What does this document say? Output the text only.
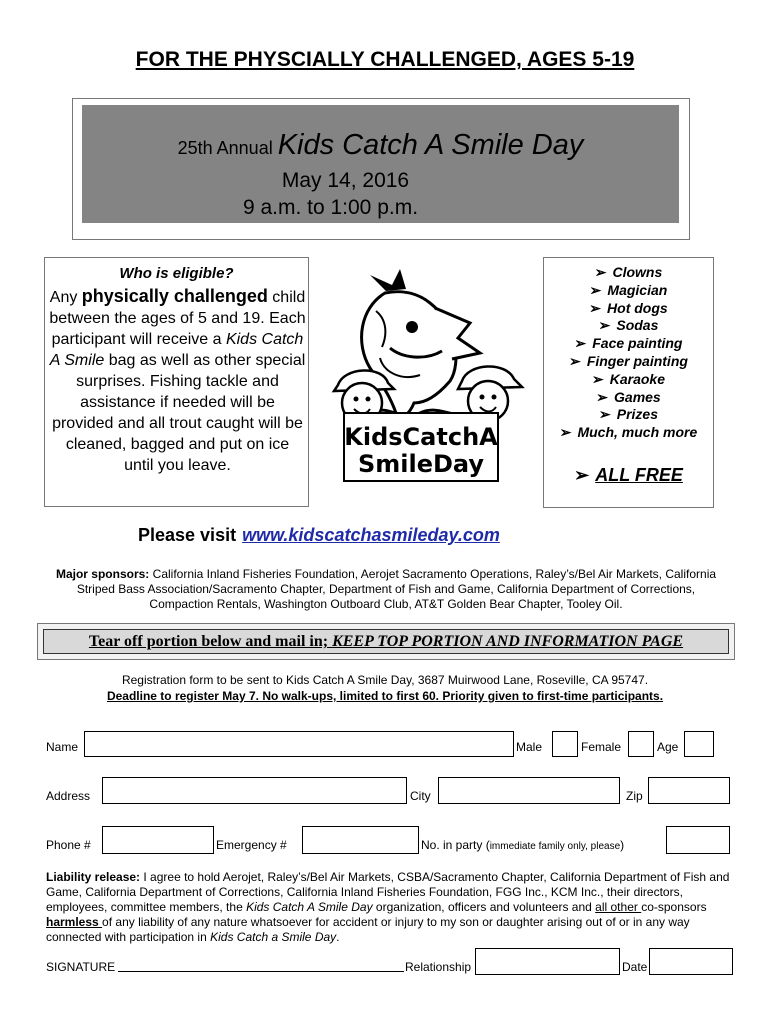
FOR THE PHYSCIALLY CHALLENGED, AGES 5-19
25th Annual Kids Catch A Smile Day
May 14, 2016
9 a.m. to 1:00 p.m.
Who is eligible?
Any physically challenged child between the ages of 5 and 19. Each participant will receive a Kids Catch A Smile bag as well as other special surprises. Fishing tackle and assistance if needed will be provided and all trout caught will be cleaned, bagged and put on ice until you leave.
KidsCatchA
SmileDay
➢ Clowns
➢ Magician
➢ Hot dogs
➢ Sodas
➢ Face painting
➢ Finger painting
➢ Karaoke
➢ Games
➢ Prizes
➢ Much, much more
➢ ALL FREE
Please visit www.kidscatchasmileday.com
Major sponsors: California Inland Fisheries Foundation, Aerojet Sacramento Operations, Raley’s/Bel Air Markets, California Striped Bass Association/Sacramento Chapter, Department of Fish and Game, California Department of Corrections, Compaction Rentals, Washington Outboard Club, AT&T Golden Bear Chapter, Tooley Oil.
Tear off portion below and mail in; KEEP TOP PORTION AND INFORMATION PAGE
Registration form to be sent to Kids Catch A Smile Day, 3687 Muirwood Lane, Roseville, CA 95747.
Deadline to register May 7. No walk-ups, limited to first 60. Priority given to first-time participants.
Name	Male	Female	Age
Address	City	Zip
Phone #	Emergency #	No. in party (immediate family only, please)
Liability release: I agree to hold Aerojet, Raley’s/Bel Air Markets, CSBA/Sacramento Chapter, California Department of Fish and Game, California Department of Corrections, California Inland Fisheries Foundation, FGG Inc., KCM Inc., their directors, employees, committee members, the Kids Catch A Smile Day organization, officers and volunteers and all other co-sponsors harmless of any liability of any nature whatsoever for accident or injury to my son or daughter arising out of or in any way connected with participation in Kids Catch a Smile Day.
SIGNATURE	Relationship	Date
